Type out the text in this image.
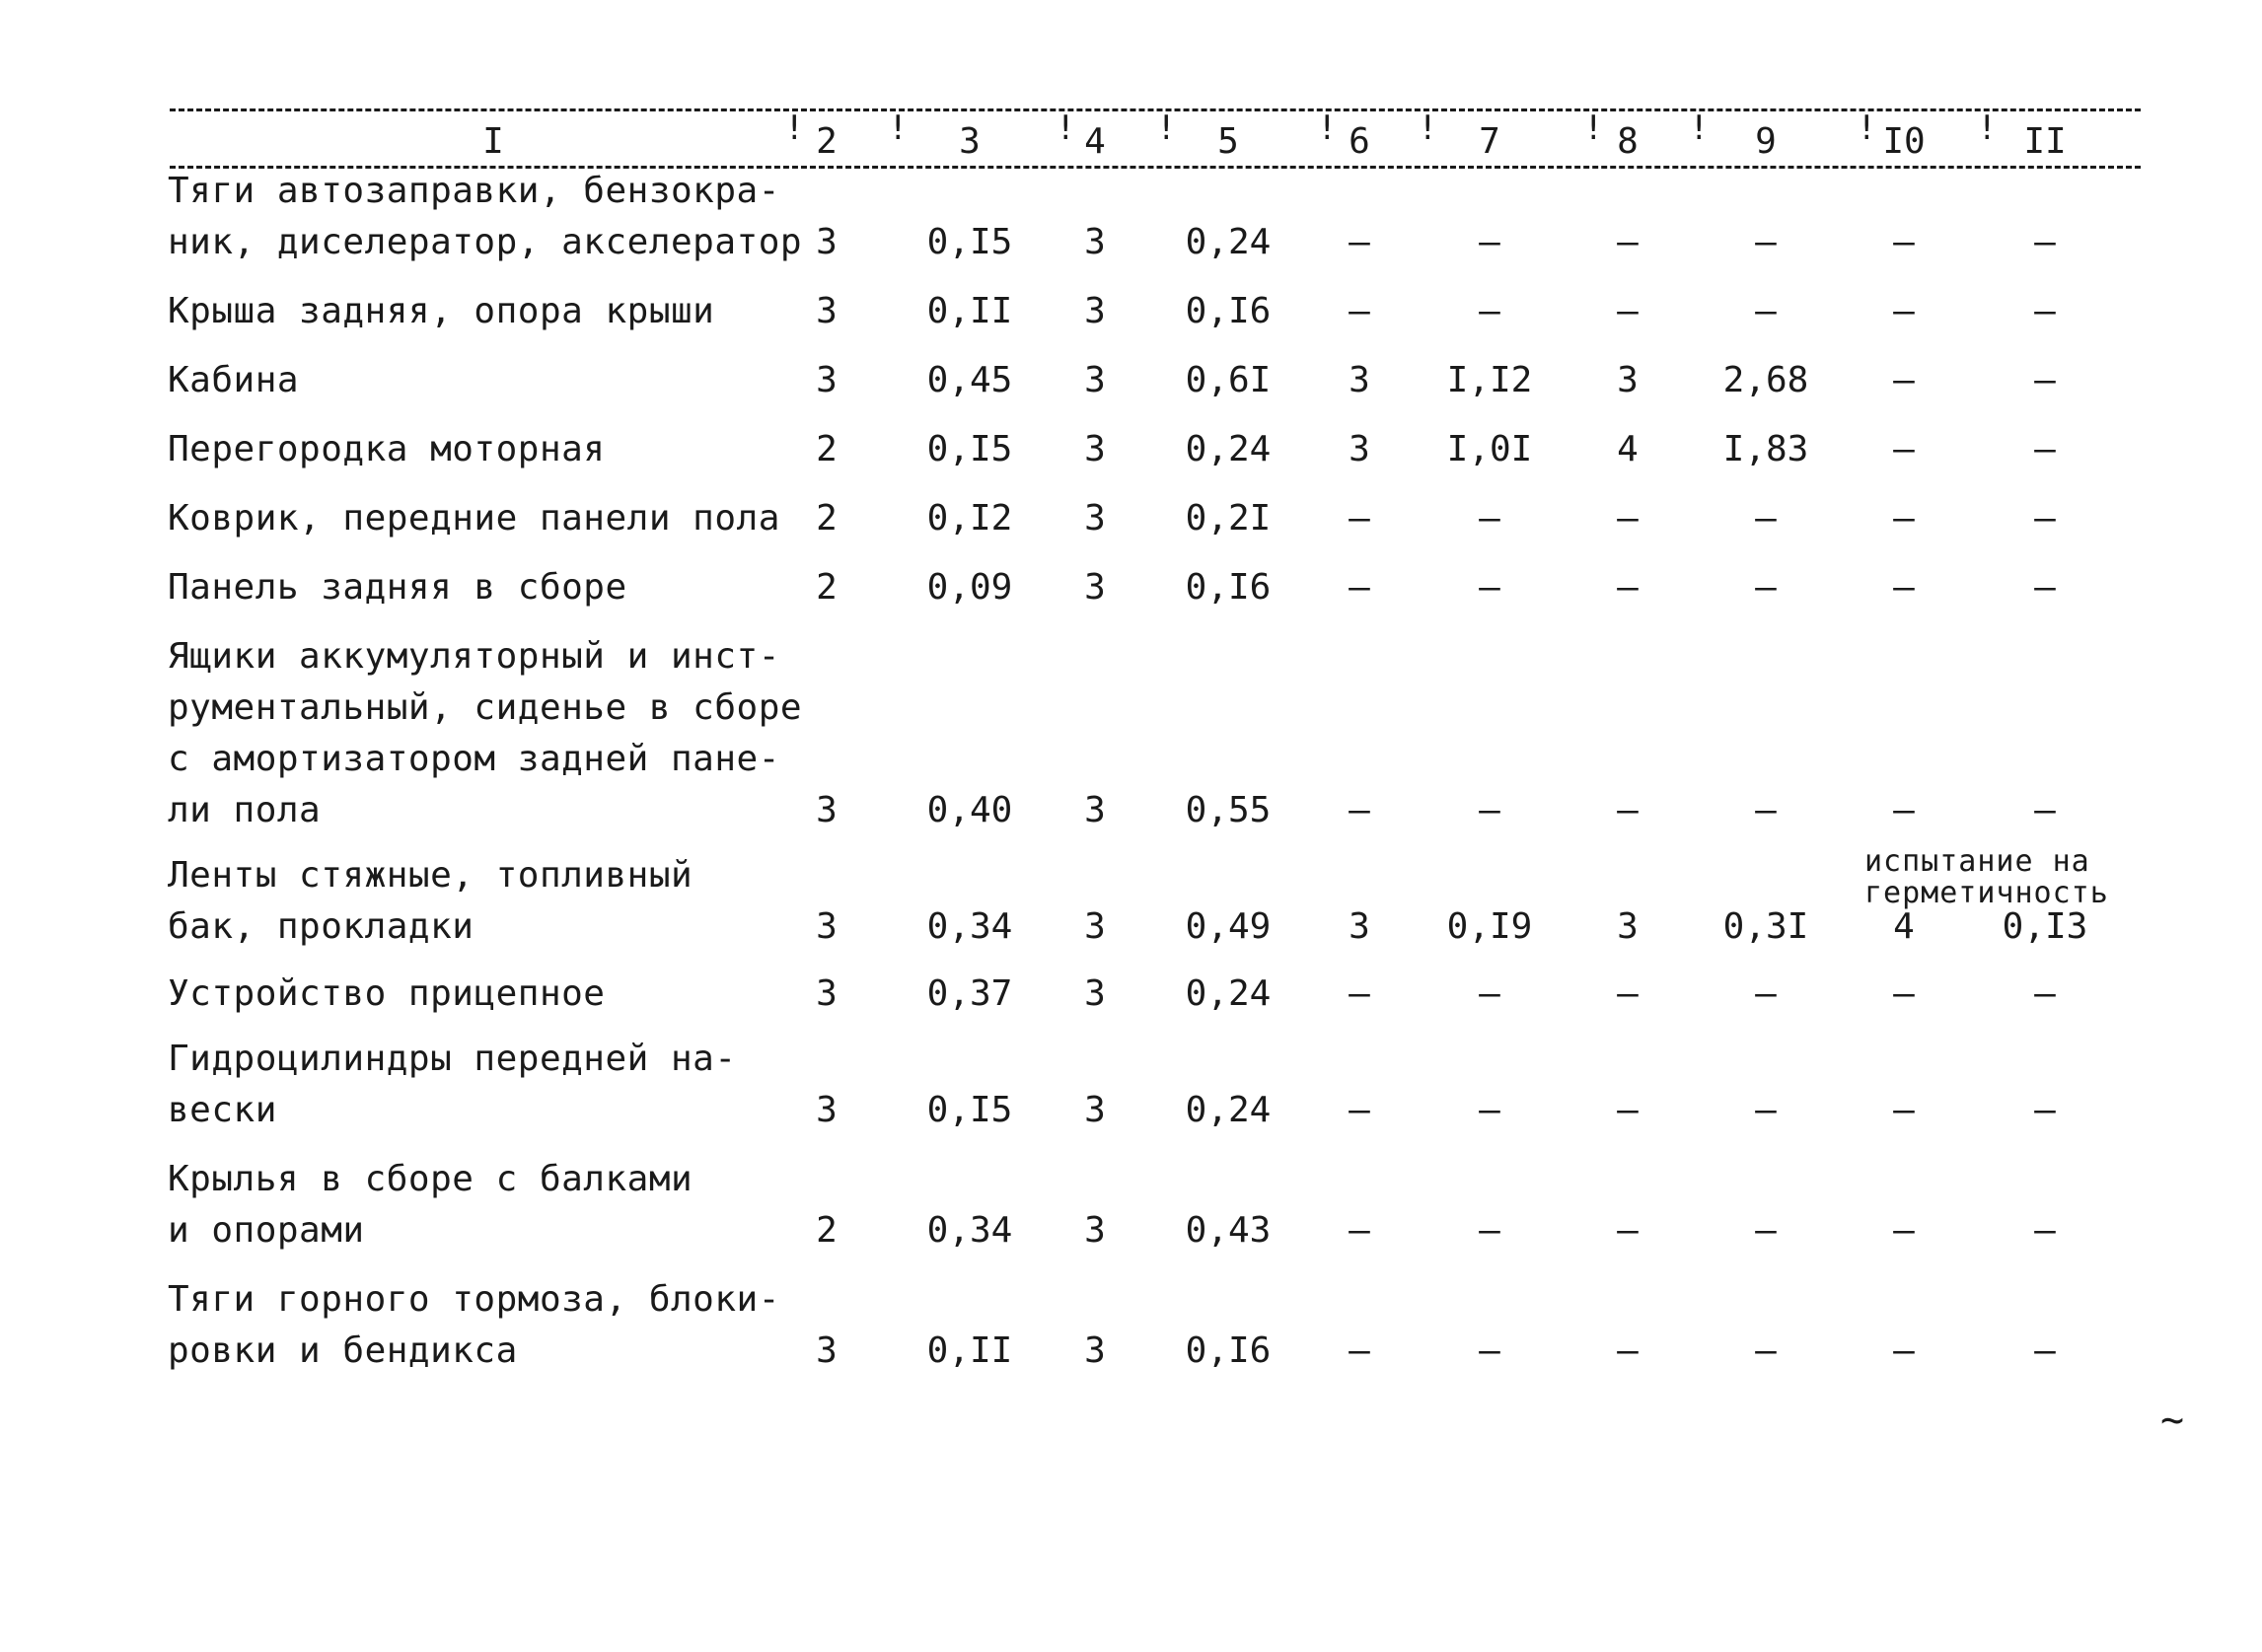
I	2	3	4	5	6	7	8	9	I0	II
! !	! !	! !	!	!	!	!
Тяги автозаправки, бензокра-
ник, диселератор, акселератор 3	0,I5	3	0,24	–	–	–	–	–	–
Крыша задняя, опора крыши	3	0,II	3	0,I6	–	–	–	–	–	–
Кабина	3	0,45	3	0,6I	3	I,I2	3	2,68	–	–
Перегородка моторная	2	0,I5	3	0,24	3	I,0I	4	I,83	–	–
Коврик, передние панели пола	2	0,I2	3	0,2I	–	–	–	–	–	–
Панель задняя в сборе	2	0,09	3	0,I6	–	–	–	–	–	–
Ящики аккумуляторный и инст-
рументальный, сиденье в сборе
с амортизатором задней пане-
ли пола	3	0,40	3	0,55	–	–	–	–	–	–
Ленты стяжные, топливный
бак, прокладки	3	0,34	3	0,49	3	0,I9	3	0,3I	4	0,I3
испытание на
герметичность
Устройство прицепное	3	0,37	3	0,24	–	–	–	–	–	–
Гидроцилиндры передней на-
вески	3	0,I5	3	0,24	–	–	–	–	–	–
Крылья в сборе с балками
и опорами	2	0,34	3	0,43	–	–	–	–	–	–
Тяги горного тормоза, блоки-
ровки и бендикса	3	0,II	3	0,I6	–	–	–	–	–	–
~
